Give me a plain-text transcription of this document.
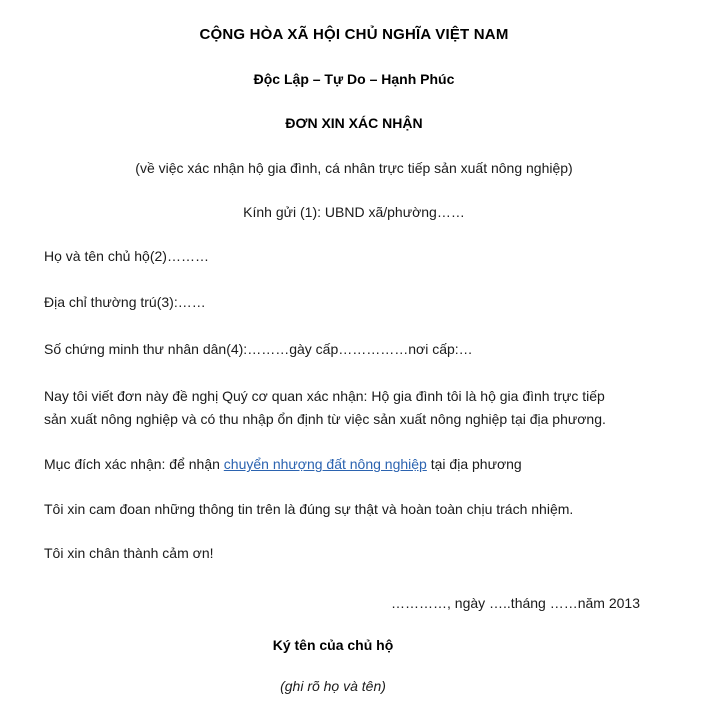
CỘNG HÒA XÃ HỘI CHỦ NGHĨA VIỆT NAM
Độc Lập – Tự Do – Hạnh Phúc
ĐƠN XIN XÁC NHẬN

(về việc xác nhận hộ gia đình, cá nhân trực tiếp sản xuất nông nghiệp)

Kính gửi (1): UBND xã/phường……

Họ và tên chủ hộ(2)………

Địa chỉ thường trú(3):……

Số chứng minh thư nhân dân(4):………gày cấp……………nơi cấp:…

Nay tôi viết đơn này đề nghị Quý cơ quan xác nhận: Hộ gia đình tôi là hộ gia đình trực tiếp sản xuất nông nghiệp và có thu nhập ổn định từ việc sản xuất nông nghiệp tại địa phương.

Mục đích xác nhận: để nhận chuyển nhượng đất nông nghiệp tại địa phương

Tôi xin cam đoan những thông tin trên là đúng sự thật và hoàn toàn chịu trách nhiệm.

Tôi xin chân thành cảm ơn!

…………, ngày …..tháng ……năm 2013

Ký tên của chủ hộ

(ghi rõ họ và tên)
